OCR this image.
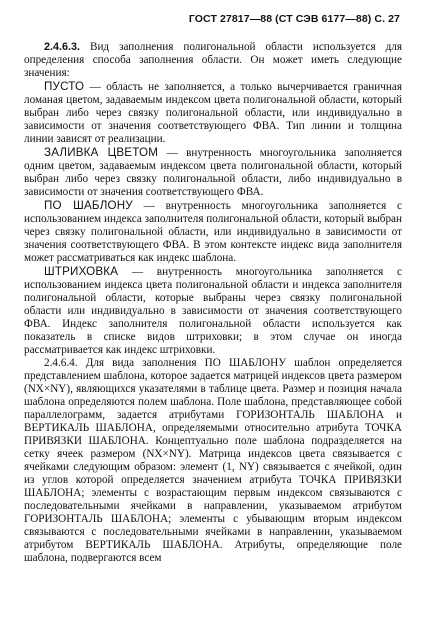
ГОСТ 27817—88 (СТ СЭВ 6177—88) С. 27

2.4.6.3. Вид заполнения полигональной области используется для определения способа заполнения области. Он может иметь следующие значения:

ПУСТО — область не заполняется, а только вычерчивается граничная ломаная цветом, задаваемым индексом цвета полигональной области, который выбран либо через связку полигональной области, или индивидуально в зависимости от значения соответствующего ФВА. Тип линии и толщина линии зависят от реализации.

ЗАЛИВКА ЦВЕТОМ — внутренность многоугольника заполняется одним цветом, задаваемым индексом цвета полигональной области, который выбран либо через связку полигональной области, либо индивидуально в зависимости от значения соответствующего ФВА.

ПО ШАБЛОНУ — внутренность многоугольника заполняется с использованием индекса заполнителя полигональной области, который выбран через связку полигональной области, или индивидуально в зависимости от значения соответствующего ФВА. В этом контексте индекс вида заполнителя может рассматриваться как индекс шаблона.

ШТРИХОВКА — внутренность многоугольника заполняется с использованием индекса цвета полигональной области и индекса заполнителя полигональной области, которые выбраны через связку полигональной области или индивидуально в зависимости от значения соответствующего ФВА. Индекс заполнителя полигональной области используется как показатель в списке видов штриховки; в этом случае он иногда рассматривается как индекс штриховки.

2.4.6.4. Для вида заполнения ПО ШАБЛОНУ шаблон определяется представлением шаблона, которое задается матрицей индексов цвета размером (NX×NY), являющихся указателями в таблице цвета. Размер и позиция начала шаблона определяются полем шаблона. Поле шаблона, представляющее собой параллелограмм, задается атрибутами ГОРИЗОНТАЛЬ ШАБЛОНА и ВЕРТИКАЛЬ ШАБЛОНА, определяемыми относительно атрибута ТОЧКА ПРИВЯЗКИ ШАБЛОНА. Концептуально поле шаблона подразделяется на сетку ячеек размером (NX×NY). Матрица индексов цвета связывается с ячейками следующим образом: элемент (1, NY) связывается с ячейкой, один из углов которой определяется значением атрибута ТОЧКА ПРИВЯЗКИ ШАБЛОНА; элементы с возрастающим первым индексом связываются с последовательными ячейками в направлении, указываемом атрибутом ГОРИЗОНТАЛЬ ШАБЛОНА; элементы с убывающим вторым индексом связываются с последовательными ячейками в направлении, указываемом атрибутом ВЕРТИКАЛЬ ШАБЛОНА. Атрибуты, определяющие поле шаблона, подвергаются всем
